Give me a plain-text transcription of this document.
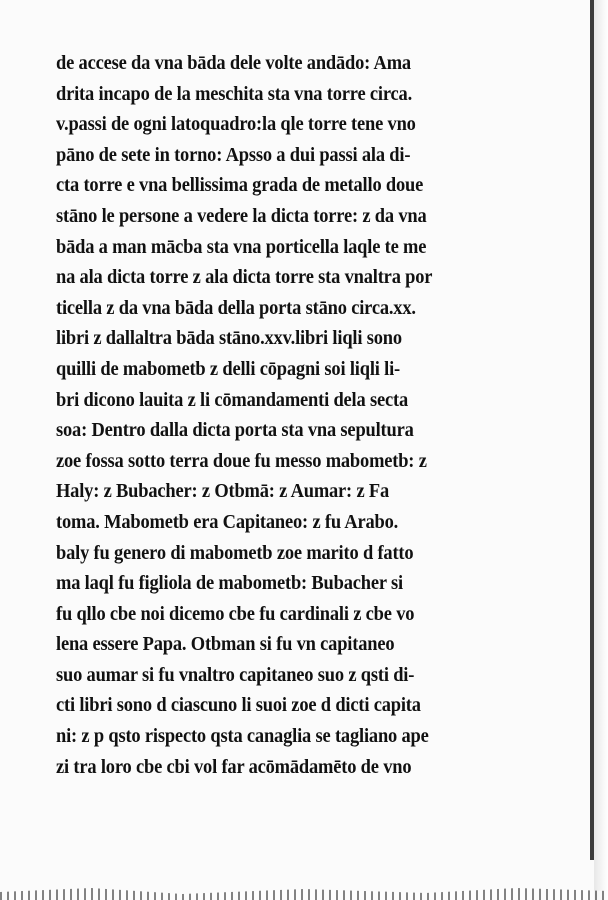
de accese da vna bāda dele volte andādo: Ama
drita incapo de la meschita sta vna torre circa.
v.passi de ogni latoquadro:la qle torre tene vno
pāno de sete in torno: Apsso a dui passi ala di-
cta torre e vna bellissima grada de metallo doue
stāno le persone a vedere la dicta torre: z da vna
bāda a man mācba sta vna porticella laqle te me
na ala dicta torre z ala dicta torre sta vnaltra por
ticella z da vna bāda della porta stāno circa.xx.
libri z dallaltra bāda stāno.xxv.libri liqli sono
quilli de mabometb z delli cōpagni soi liqli li-
bri dicono lauita z li cōmandamenti dela secta
soa: Dentro dalla dicta porta sta vna sepultura
zoe fossa sotto terra doue fu messo mabometb: z
Haly: z Bubacher: z Otbmā: z Aumar: z Fa
toma. Mabometb era Capitaneo: z fu Arabo.
baly fu genero di mabometb zoe marito d fatto
ma laql fu figliola de mabometb: Bubacher si
fu qllo cbe noi dicemo cbe fu cardinali z cbe vo
lena essere Papa. Otbman si fu vn capitaneo
suo aumar si fu vnaltro capitaneo suo z qsti di-
cti libri sono d ciascuno li suoi zoe d dicti capita
ni: z p qsto rispecto qsta canaglia se tagliano ape
zi tra loro cbe cbi vol far acōmādamēto de vno
